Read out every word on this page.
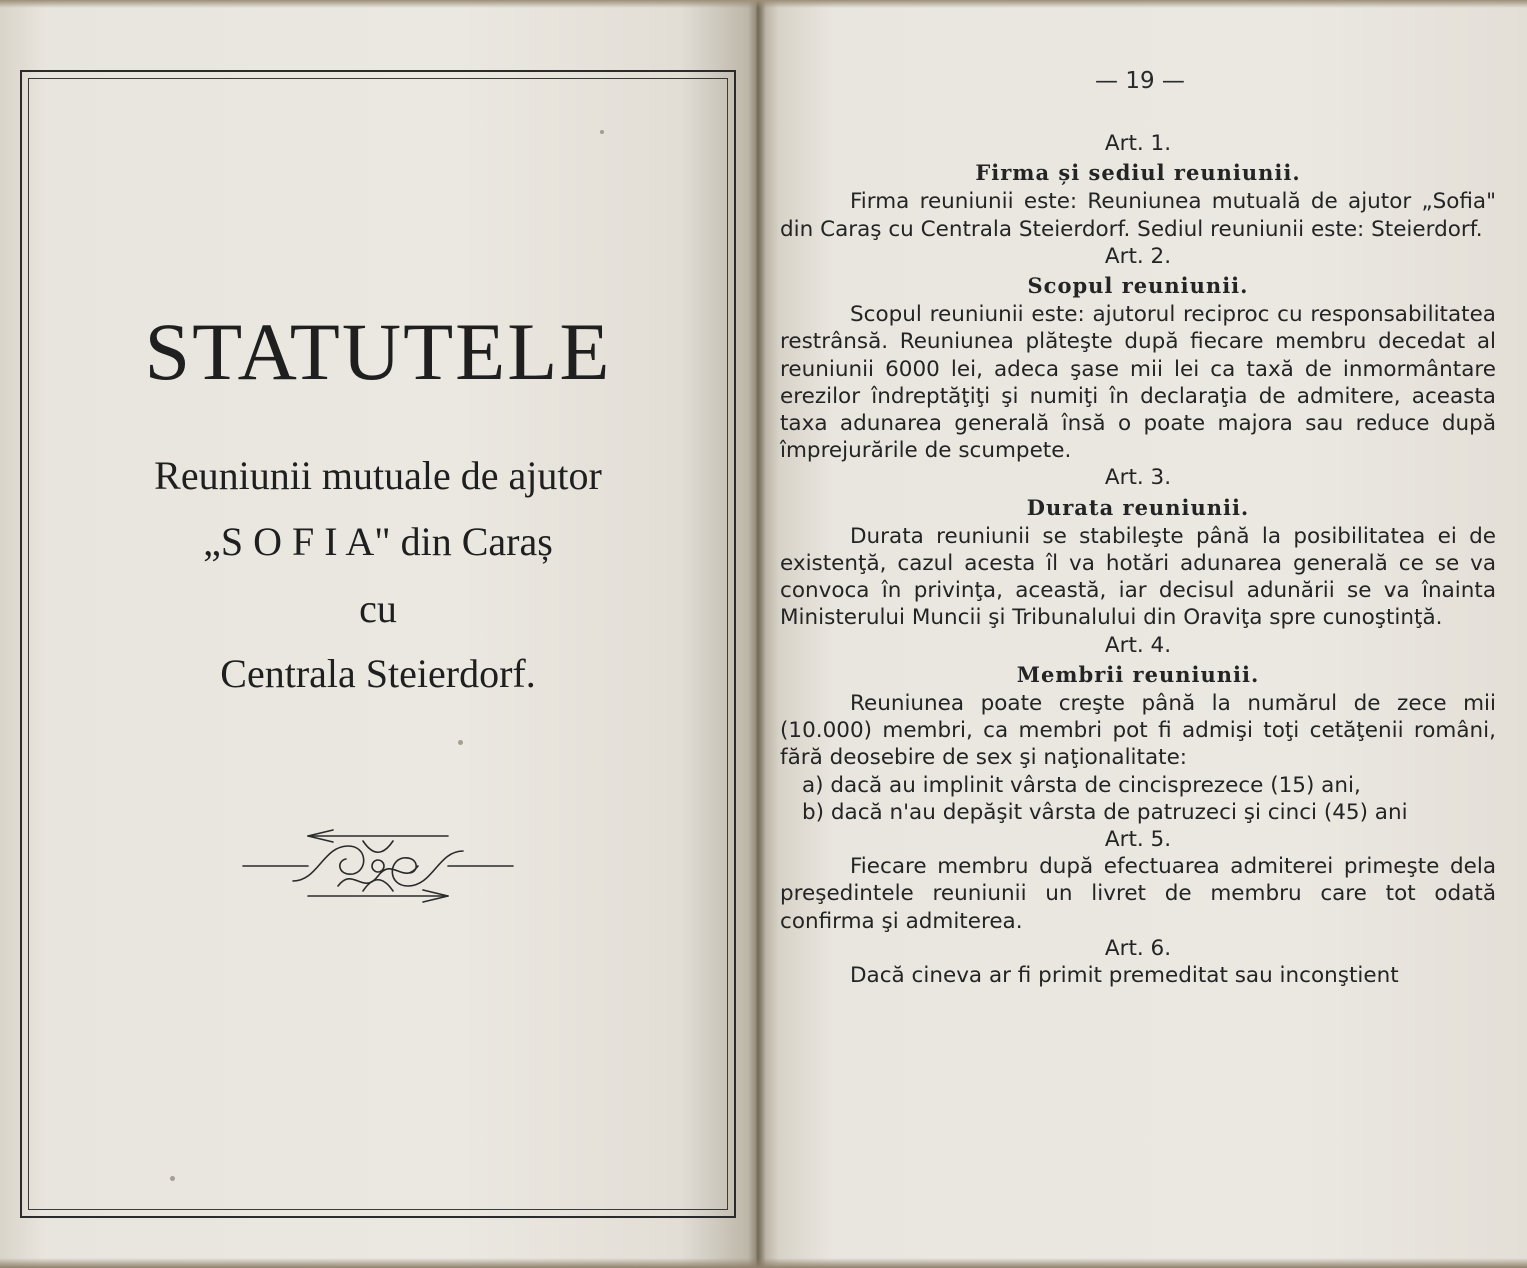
STATUTELE
Reuniunii mutuale de ajutor
„S O F I A" din Caraș
cu
Centrala Steierdorf.
— 19 —

Art. 1.

Firma și sediul reuniunii.

Firma reuniunii este: Reuniunea mutuală de ajutor „Sofia" din Caraş cu Centrala Steierdorf. Sediul reuniunii este: Steierdorf.

Art. 2.

Scopul reuniunii.

Scopul reuniunii este: ajutorul reciproc cu responsabilitatea restrânsă. Reuniunea plăteşte după fiecare membru decedat al reuniunii 6000 lei, adeca şase mii lei ca taxă de inmormântare erezilor îndreptăţiţi şi numiţi în declaraţia de admitere, aceasta taxa adunarea generală însă o poate majora sau reduce după împrejurările de scumpete.

Art. 3.

Durata reuniunii.

Durata reuniunii se stabileşte până la posibilitatea ei de existenţă, cazul acesta îl va hotări adunarea generală ce se va convoca în privinţa, această, iar decisul adunării se va înainta Ministerului Muncii şi Tribunalului din Oraviţa spre cunoştinţă.

Art. 4.

Membrii reuniunii.

Reuniunea poate creşte până la numărul de zece mii (10.000) membri, ca membri pot fi admişi toţi cetăţenii români, fără deosebire de sex şi naţionalitate:

a) dacă au implinit vârsta de cincisprezece (15) ani,

b) dacă n'au depăşit vârsta de patruzeci şi cinci (45) ani

Art. 5.

Fiecare membru după efectuarea admiterei primeşte dela preşedintele reuniunii un livret de membru care tot odată confirma şi admiterea.

Art. 6.

Dacă cineva ar fi primit premeditat sau inconştient
